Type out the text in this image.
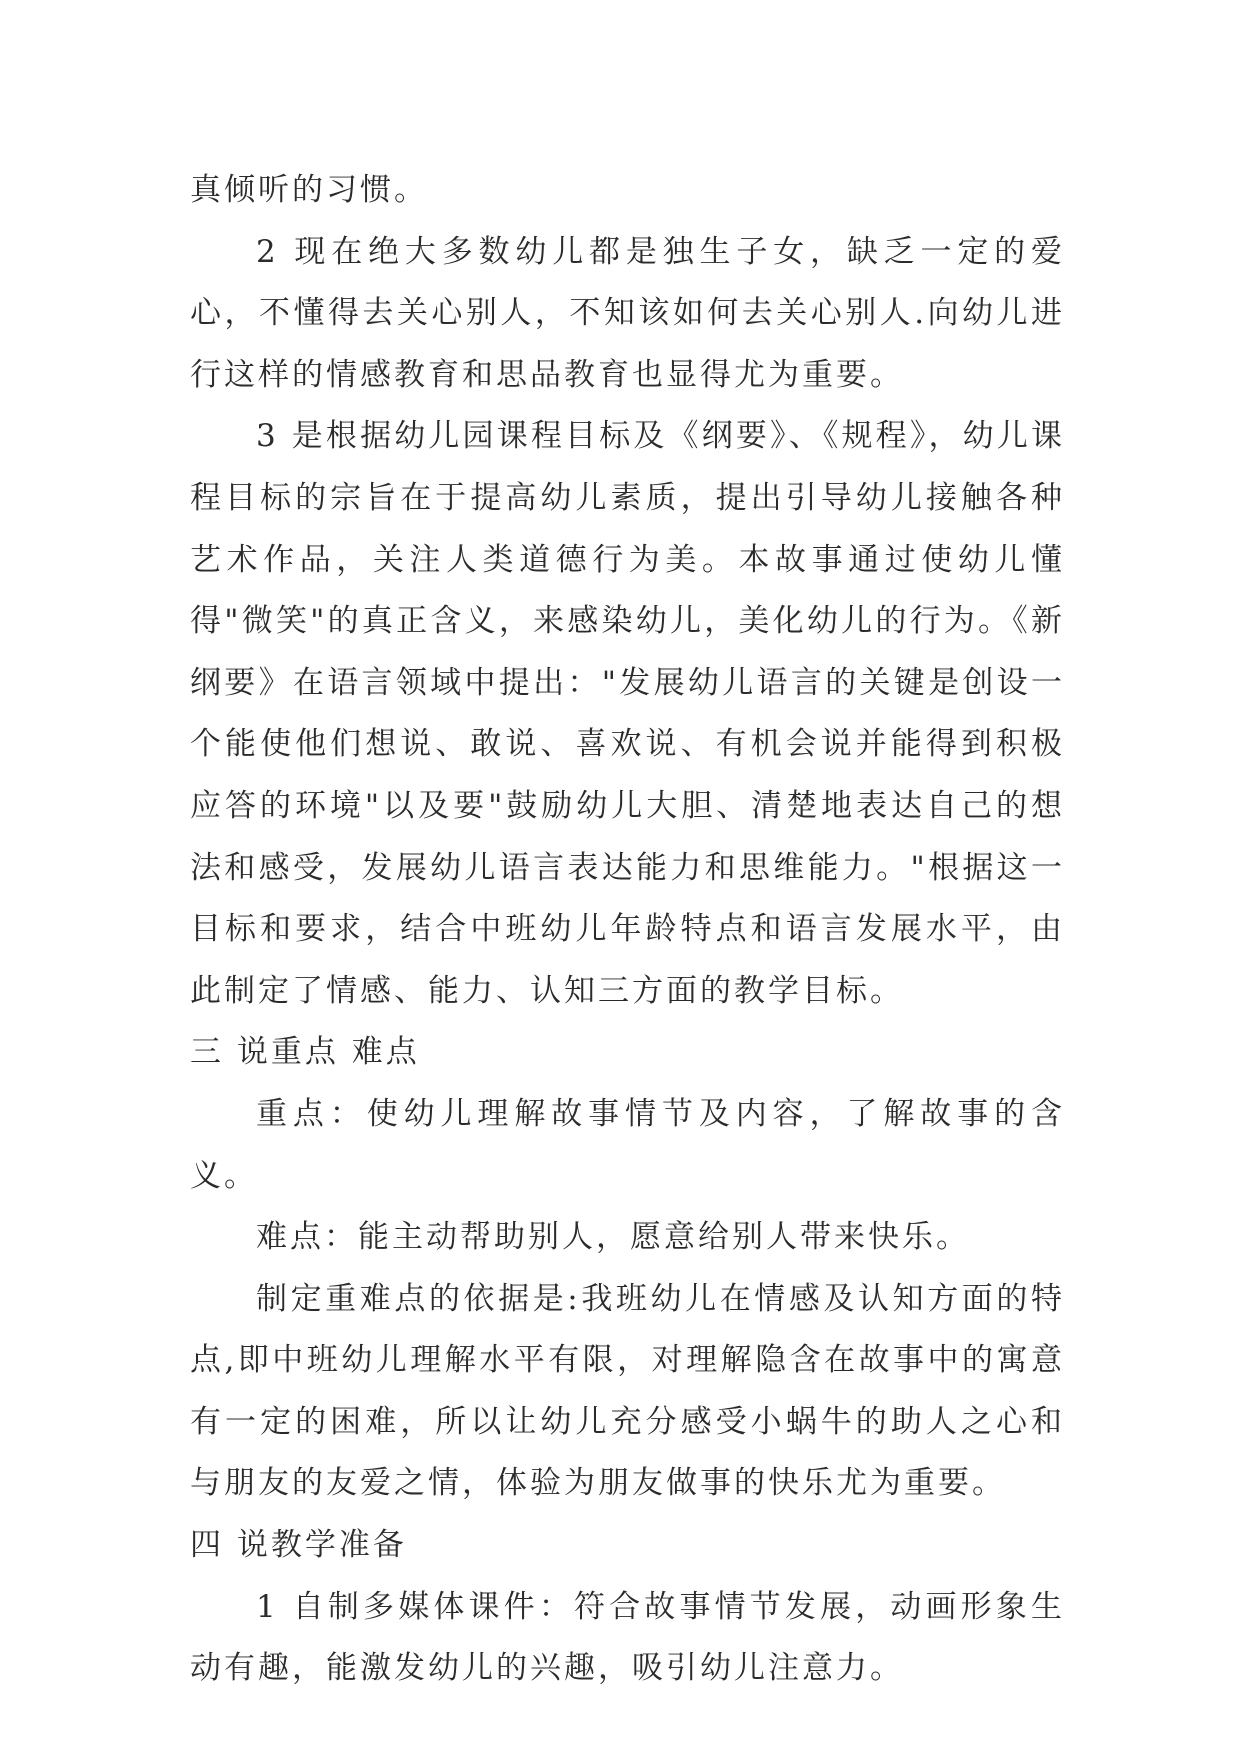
真倾听的习惯。

2 现在绝大多数幼儿都是独生子女，缺乏一定的爱心，不懂得去关心别人，不知该如何去关心别人.向幼儿进行这样的情感教育和思品教育也显得尤为重要。

3 是根据幼儿园课程目标及《纲要》、《规程》，幼儿课程目标的宗旨在于提高幼儿素质，提出引导幼儿接触各种艺术作品，关注人类道德行为美。本故事通过使幼儿懂得"微笑"的真正含义，来感染幼儿，美化幼儿的行为。《新纲要》在语言领域中提出："发展幼儿语言的关键是创设一个能使他们想说、敢说、喜欢说、有机会说并能得到积极应答的环境"以及要"鼓励幼儿大胆、清楚地表达自己的想法和感受，发展幼儿语言表达能力和思维能力。"根据这一目标和要求，结合中班幼儿年龄特点和语言发展水平，由此制定了情感、能力、认知三方面的教学目标。

三 说重点 难点

重点：使幼儿理解故事情节及内容，了解故事的含义。

难点：能主动帮助别人，愿意给别人带来快乐。

制定重难点的依据是:我班幼儿在情感及认知方面的特点,即中班幼儿理解水平有限，对理解隐含在故事中的寓意有一定的困难，所以让幼儿充分感受小蜗牛的助人之心和与朋友的友爱之情，体验为朋友做事的快乐尤为重要。

四 说教学准备

1 自制多媒体课件：符合故事情节发展，动画形象生动有趣，能激发幼儿的兴趣，吸引幼儿注意力。
